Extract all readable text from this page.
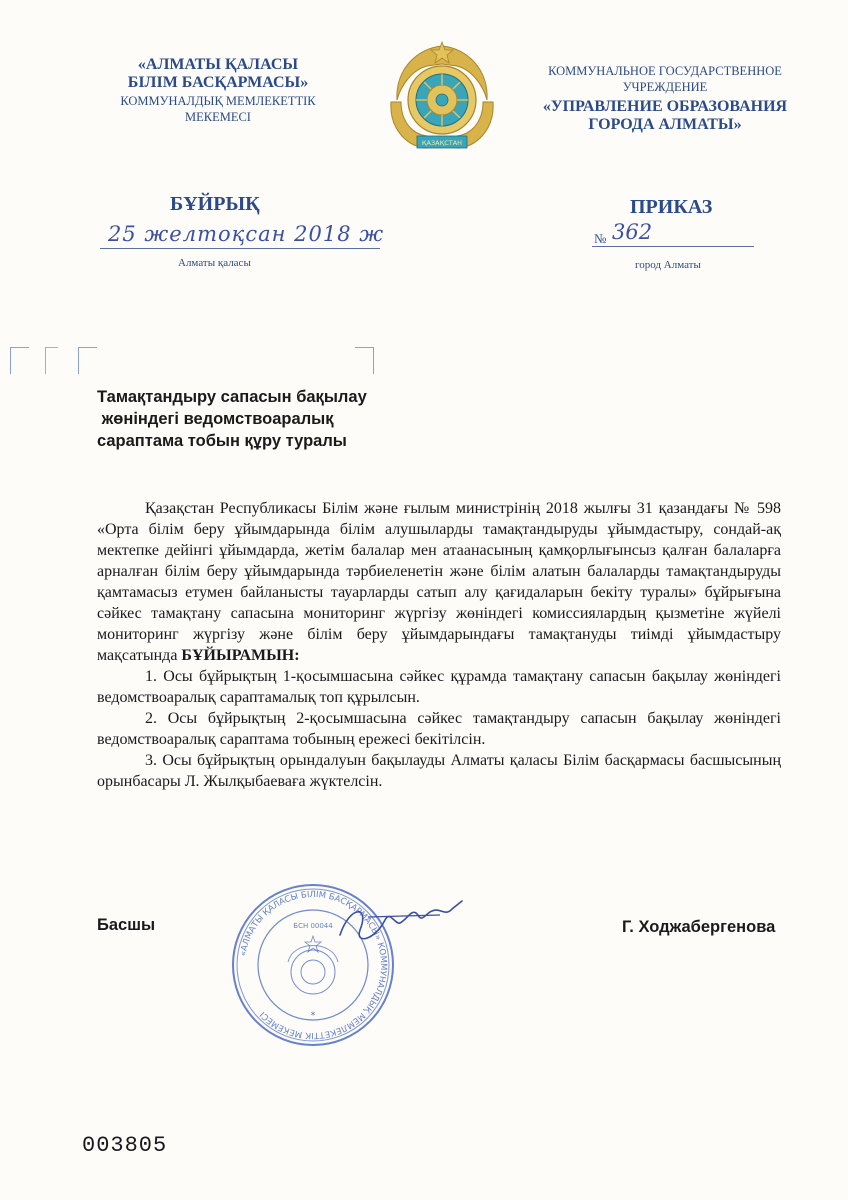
«АЛМАТЫ ҚАЛАСЫ
БІЛІМ БАСҚАРМАСЫ»
КОММУНАЛДЫҚ МЕМЛЕКЕТТІК
МЕКЕМЕСІ
ҚАЗАҚСТАН
КОММУНАЛЬНОЕ ГОСУДАРСТВЕННОЕ
УЧРЕЖДЕНИЕ
«УПРАВЛЕНИЕ ОБРАЗОВАНИЯ
ГОРОДА АЛМАТЫ»
БҰЙРЫҚ	ПРИКАЗ
25 желтоқсан 2018 ж	№ 362
Алматы қаласы	город Алматы
Тамақтандыру сапасын бақылау
жөніндегі ведомствоаралық
сараптама тобын құру туралы

Қазақстан Республикасы Білім және ғылым министрінің 2018 жылғы 31 қазандағы № 598 «Орта білім беру ұйымдарында білім алушыларды тамақтандыруды ұйымдастыру, сондай-ақ мектепке дейінгі ұйымдарда, жетім балалар мен атаанасының қамқорлығынсыз қалған балаларға арналған білім беру ұйымдарында тәрбиеленетін және білім алатын балаларды тамақтандыруды қамтамасыз етумен байланысты тауарларды сатып алу қағидаларын бекіту туралы» бұйрығына сәйкес тамақтану сапасына мониторинг жүргізу жөніндегі комиссиялардың қызметіне жүйелі мониторинг жүргізу және білім беру ұйымдарындағы тамақтануды тиімді ұйымдастыру мақсатында БҰЙЫРАМЫН:

1. Осы бұйрықтың 1-қосымшасына сәйкес құрамда тамақтану сапасын бақылау жөніндегі ведомствоаралық сараптамалық топ құрылсын.

2. Осы бұйрықтың 2-қосымшасына сәйкес тамақтандыру сапасын бақылау жөніндегі ведомствоаралық сараптама тобының ережесі бекітілсін.

3. Осы бұйрықтың орындалуын бақылауды Алматы қаласы Білім басқармасы басшысының орынбасары Л. Жылқыбаеваға жүктелсін.

Басшы	Г. Ходжабергенова
«АЛМАТЫ ҚАЛАСЫ БІЛІМ БАСҚАРМАСЫ» КОММУНАЛДЫҚ МЕМЛЕКЕТТІК МЕКЕМЕСІ
БСН 00044
*
003805
